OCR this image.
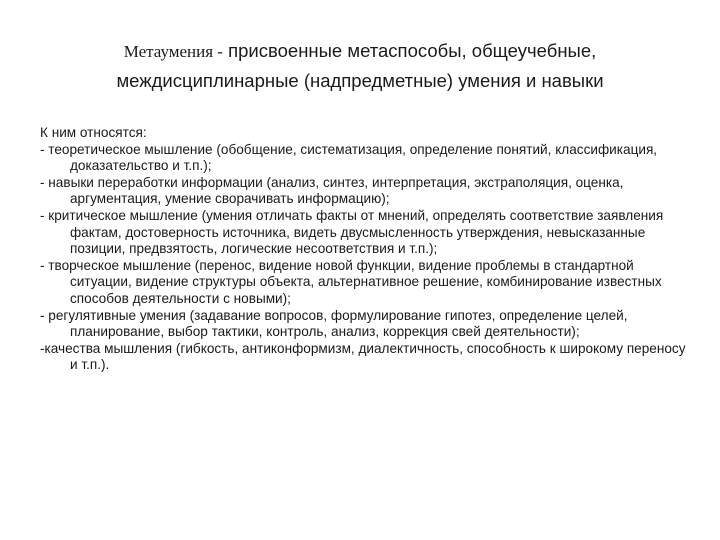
Метаумения - присвоенные метаспособы, общеучебные,
междисциплинарные (надпредметные) умения и навыки

К ним относятся:

- теоретическое мышление (обобщение, систематизация, определение понятий, классификация, доказательство и т.п.);

- навыки переработки информации (анализ, синтез, интерпретация, экстраполяция, оценка, аргументация, умение сворачивать информацию);

- критическое мышление (умения отличать факты от мнений, определять соответствие заявления фактам, достоверность источника, видеть двусмысленность утверждения, невысказанные позиции, предвзятость, логические несоответствия и т.п.);

- творческое мышление (перенос, видение новой функции, видение проблемы в стандартной ситуации, видение структуры объекта, альтернативное решение, комбинирование известных способов деятельности с новыми);

- регулятивные умения (задавание вопросов, формулирование гипотез, определение целей, планирование, выбор тактики, контроль, анализ, коррекция свей деятельности);

-качества мышления (гибкость, антиконформизм, диалектичность, способность к широкому переносу и т.п.).
